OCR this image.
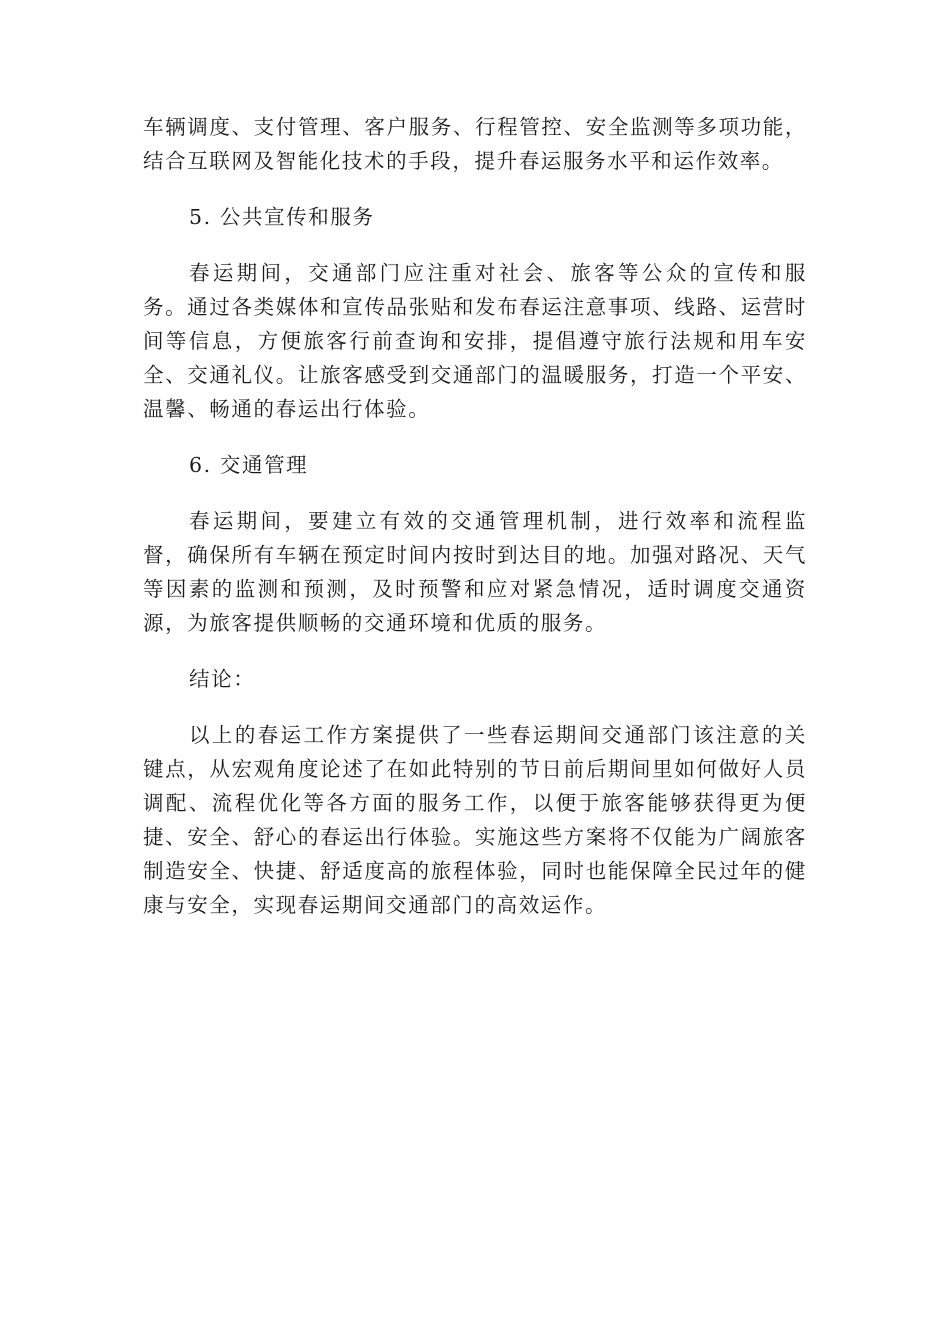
车辆调度、支付管理、客户服务、行程管控、安全监测等多项功能，结合互联网及智能化技术的手段，提升春运服务水平和运作效率。

5. 公共宣传和服务

春运期间，交通部门应注重对社会、旅客等公众的宣传和服务。通过各类媒体和宣传品张贴和发布春运注意事项、线路、运营时间等信息，方便旅客行前查询和安排，提倡遵守旅行法规和用车安全、交通礼仪。让旅客感受到交通部门的温暖服务，打造一个平安、温馨、畅通的春运出行体验。

6. 交通管理

春运期间，要建立有效的交通管理机制，进行效率和流程监督，确保所有车辆在预定时间内按时到达目的地。加强对路况、天气等因素的监测和预测，及时预警和应对紧急情况，适时调度交通资源，为旅客提供顺畅的交通环境和优质的服务。

结论：

以上的春运工作方案提供了一些春运期间交通部门该注意的关键点，从宏观角度论述了在如此特别的节日前后期间里如何做好人员调配、流程优化等各方面的服务工作，以便于旅客能够获得更为便捷、安全、舒心的春运出行体验。实施这些方案将不仅能为广阔旅客制造安全、快捷、舒适度高的旅程体验，同时也能保障全民过年的健康与安全，实现春运期间交通部门的高效运作。
